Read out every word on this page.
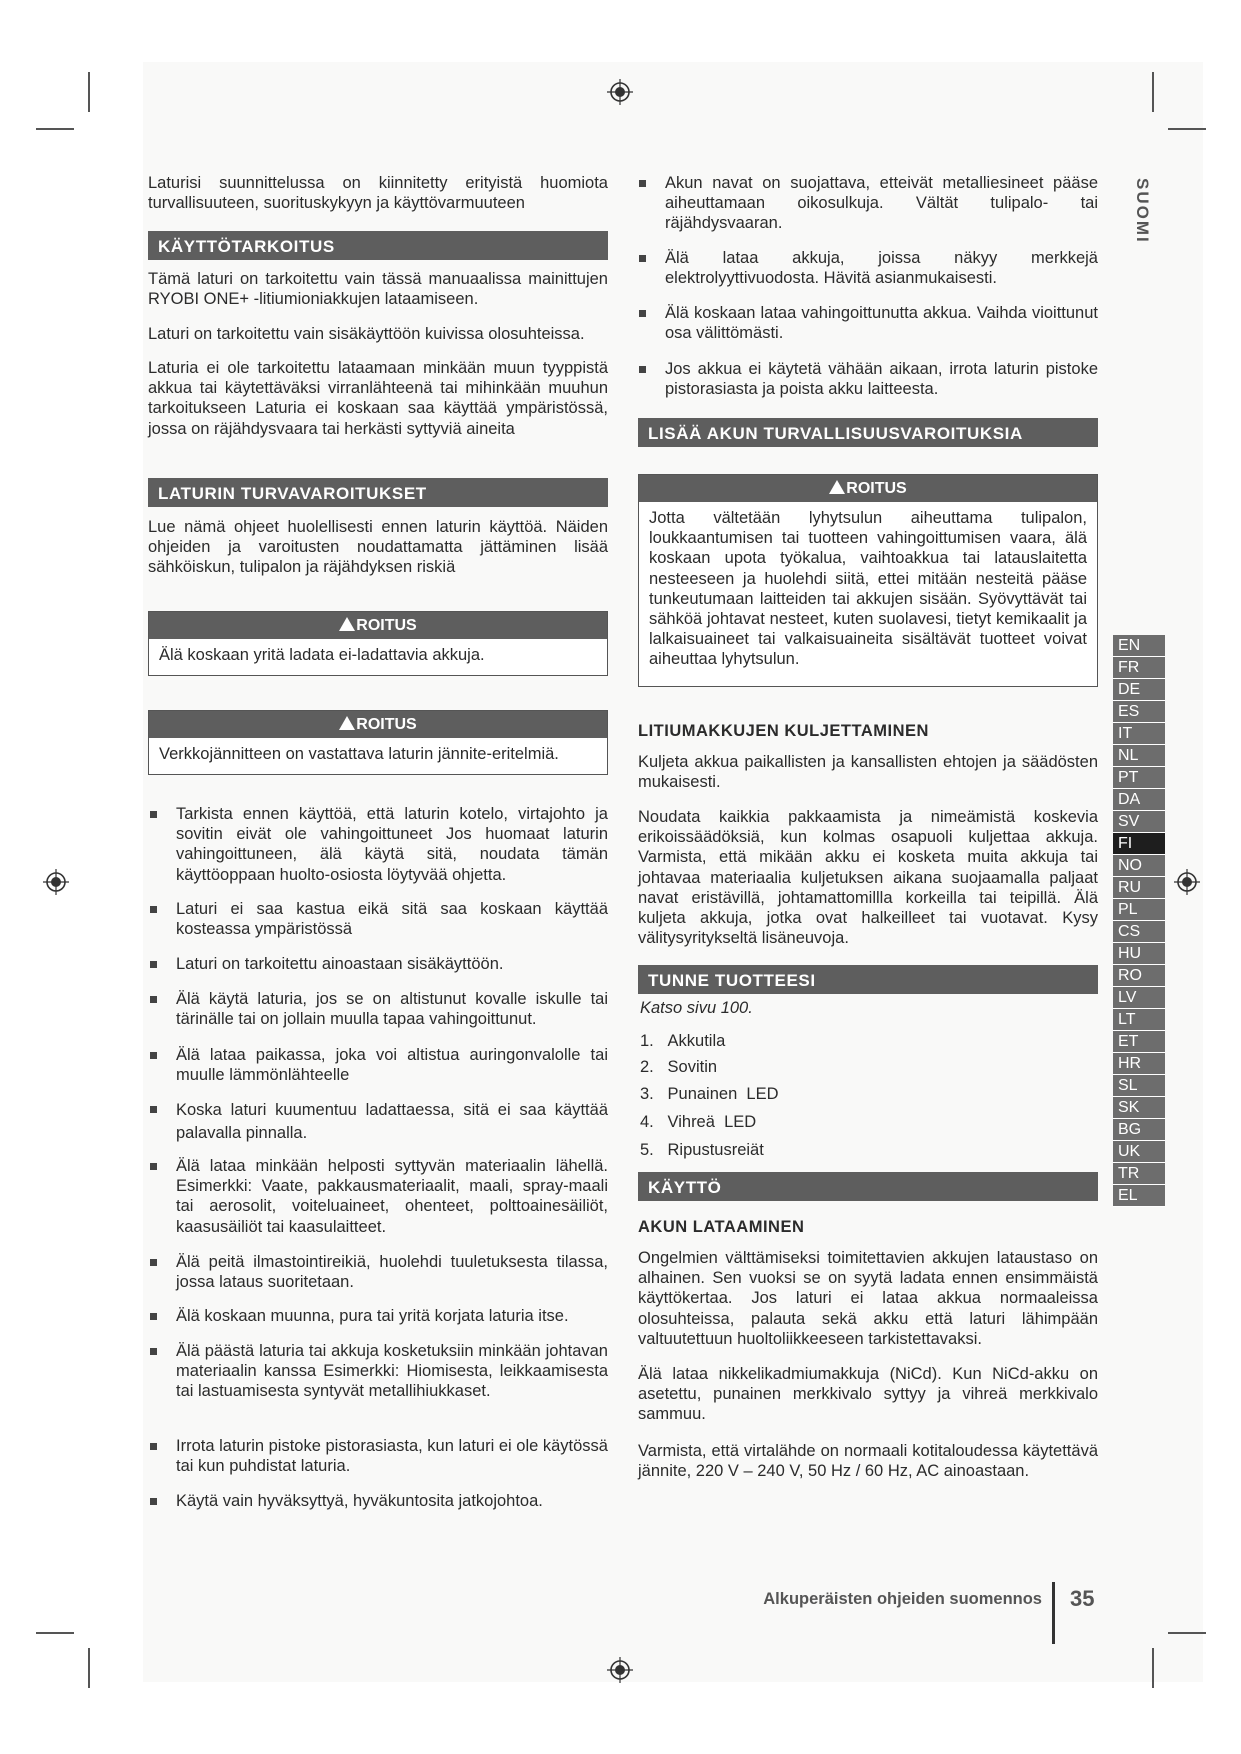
SUOMI

Laturisi suunnittelussa on kiinnitetty erityistä huomiota turvallisuuteen, suorituskykyyn ja käyttövarmuuteen

KÄYTTÖTARKOITUS

Tämä laturi on tarkoitettu vain tässä manuaalissa mainittujen RYOBI ONE+ -litiumioniakkujen lataamiseen.

Laturi on tarkoitettu vain sisäkäyttöön kuivissa olosuhteissa.

Laturia ei ole tarkoitettu lataamaan minkään muun tyyppistä akkua tai käytettäväksi virranlähteenä tai mihinkään muuhun tarkoitukseen Laturia ei koskaan saa käyttää ympäristössä, jossa on räjähdysvaara tai herkästi syttyviä aineita

LATURIN TURVAVAROITUKSET

Lue nämä ohjeet huolellisesti ennen laturin käyttöä. Näiden ohjeiden ja varoitusten noudattamatta jättäminen lisää sähköiskun, tulipalon ja räjähdyksen riskiä

ROITUS
Älä koskaan yritä ladata ei-ladattavia akkuja.
ROITUS
Verkkojännitteen on vastattava laturin jännite-eritelmiä.
Tarkista ennen käyttöä, että laturin kotelo, virtajohto ja sovitin eivät ole vahingoittuneet Jos huomaat laturin vahingoittuneen, älä käytä sitä, noudata tämän käyttöoppaan huolto-osiosta löytyvää ohjetta.
Laturi ei saa kastua eikä sitä saa koskaan käyttää kosteassa ympäristössä
Laturi on tarkoitettu ainoastaan sisäkäyttöön.
Älä käytä laturia, jos se on altistunut kovalle iskulle tai tärinälle tai on jollain muulla tapaa vahingoittunut.
Älä lataa paikassa, joka voi altistua auringonvalolle tai muulle lämmönlähteelle
Koska laturi kuumentuu ladattaessa, sitä ei saa käyttää palavalla pinnalla.
Älä lataa minkään helposti syttyvän materiaalin lähellä. Esimerkki: Vaate, pakkausmateriaalit, maali, spray-maali tai aerosolit, voiteluaineet, ohenteet, polttoainesäiliöt, kaasusäiliöt tai kaasulaitteet.
Älä peitä ilmastointireikiä, huolehdi tuuletuksesta tilassa, jossa lataus suoritetaan.
Älä koskaan muunna, pura tai yritä korjata laturia itse.
Älä päästä laturia tai akkuja kosketuksiin minkään johtavan materiaalin kanssa Esimerkki: Hiomisesta, leikkaamisesta tai lastuamisesta syntyvät metallihiukkaset.
Irrota laturin pistoke pistorasiasta, kun laturi ei ole käytössä tai kun puhdistat laturia.
Käytä vain hyväksyttyä, hyväkuntosita jatkojohtoa.
Akun navat on suojattava, etteivät metalliesineet pääse aiheuttamaan oikosulkuja. Vältät tulipalo- tai räjähdysvaaran.
Älä lataa akkuja, joissa näkyy merkkejä elektrolyyttivuodosta. Hävitä asianmukaisesti.
Älä koskaan lataa vahingoittunutta akkua. Vaihda vioittunut osa välittömästi.
Jos akkua ei käytetä vähään aikaan, irrota laturin pistoke pistorasiasta ja poista akku laitteesta.
LISÄÄ AKUN TURVALLISUUSVAROITUKSIA
ROITUS
Jotta vältetään lyhytsulun aiheuttama tulipalon, loukkaantumisen tai tuotteen vahingoittumisen vaara, älä koskaan upota työkalua, vaihtoakkua tai latauslaitetta nesteeseen ja huolehdi siitä, ettei mitään nesteitä pääse tunkeutumaan laitteiden tai akkujen sisään. Syövyttävät tai sähköä johtavat nesteet, kuten suolavesi, tietyt kemikaalit ja lalkaisuaineet tai valkaisuaineita sisältävät tuotteet voivat aiheuttaa lyhytsulun.
LITIUMAKKUJEN KULJETTAMINEN

Kuljeta akkua paikallisten ja kansallisten ehtojen ja säädösten mukaisesti.

Noudata kaikkia pakkaamista ja nimeämistä koskevia erikoissäädöksiä, kun kolmas osapuoli kuljettaa akkuja. Varmista, että mikään akku ei kosketa muita akkuja tai johtavaa materiaalia kuljetuksen aikana suojaamalla paljaat navat eristävillä, johtamattomillla korkeilla tai teipillä. Älä kuljeta akkuja, jotka ovat halkeilleet tai vuotavat. Kysy välitysyritykseltä lisäneuvoja.

TUNNE TUOTTEESI
Katso sivu 100.
1.   Akkutila
2.   Sovitin
3.   Punainen  LED
4.   Vihreä  LED
5.   Ripustusreiät
KÄYTTÖ
AKUN LATAAMINEN

Ongelmien välttämiseksi toimitettavien akkujen lataustaso on alhainen. Sen vuoksi se on syytä ladata ennen ensimmäistä käyttökertaa. Jos laturi ei lataa akkua normaaleissa olosuhteissa, palauta sekä akku että laturi lähimpään valtuutettuun huoltoliikkeeseen tarkistettavaksi.

Älä lataa nikkelikadmiumakkuja (NiCd). Kun NiCd-akku on asetettu, punainen merkkivalo syttyy ja vihreä merkkivalo sammuu.

Varmista, että virtalähde on normaali kotitaloudessa käytettävä jännite, 220 V – 240 V, 50 Hz / 60 Hz, AC ainoastaan.

EN
FR
DE
ES
IT
NL
PT
DA
SV
FI
NO
RU
PL
CS
HU
RO
LV
LT
ET
HR
SL
SK
BG
UK
TR
EL
Alkuperäisten ohjeiden suomennos 35
